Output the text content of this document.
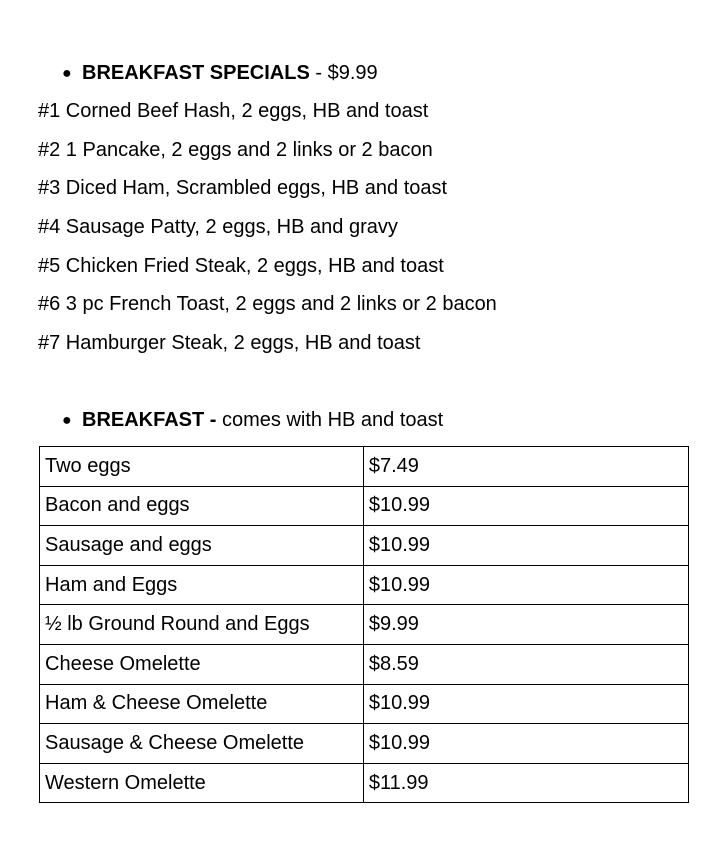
● BREAKFAST SPECIALS - $9.99
#1 Corned Beef Hash, 2 eggs, HB and toast
#2 1 Pancake, 2 eggs and 2 links or 2 bacon
#3 Diced Ham, Scrambled eggs, HB and toast
#4 Sausage Patty, 2 eggs, HB and gravy
#5 Chicken Fried Steak, 2 eggs, HB and toast
#6 3 pc French Toast, 2 eggs and 2 links or 2 bacon
#7 Hamburger Steak, 2 eggs, HB and toast
● BREAKFAST - comes with HB and toast
Two eggs	$7.49
Bacon and eggs	$10.99
Sausage and eggs	$10.99
Ham and Eggs	$10.99
½ lb Ground Round and Eggs	$9.99
Cheese Omelette	$8.59
Ham & Cheese Omelette	$10.99
Sausage & Cheese Omelette	$10.99
Western Omelette	$11.99
